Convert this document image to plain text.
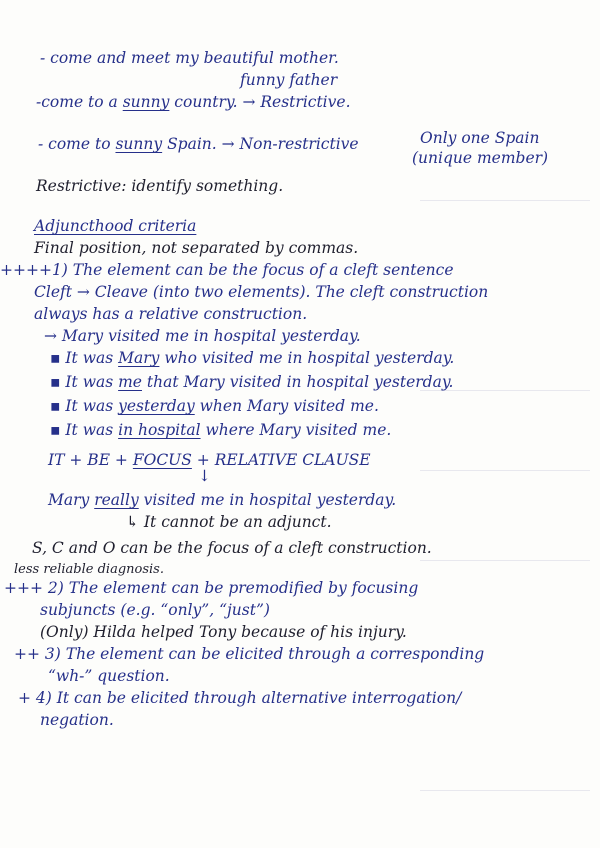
- come and meet my beautiful mother.
funny father
-come to a sunny country. → Restrictive.
- come to sunny Spain. → Non-restrictive	Only one Spain
(unique member)
Restrictive: identify something.
Adjuncthood criteria
Final position, not separated by commas.
++++1) The element can be the focus of a cleft sentence
Cleft → Cleave (into two elements). The cleft construction
always has a relative construction.
→ Mary visited me in hospital yesterday.
▪ It was Mary who visited me in hospital yesterday.
▪ It was me that Mary visited in hospital yesterday.
▪ It was yesterday when Mary visited me.
▪ It was in hospital where Mary visited me.
IT + BE + FOCUS + RELATIVE CLAUSE
↓
Mary really visited me in hospital yesterday.
↳ It cannot be an adjunct.
S, C and O can be the focus of a cleft construction.
less reliable diagnosis.
+++ 2) The element can be premodified by focusing
subjuncts (e.g. “only”, “just”)
(Only) Hilda helped Tony because of his injury.
++ 3) The element can be elicited through a corresponding
“wh-” question.
+ 4) It can be elicited through alternative interrogation/
negation.
